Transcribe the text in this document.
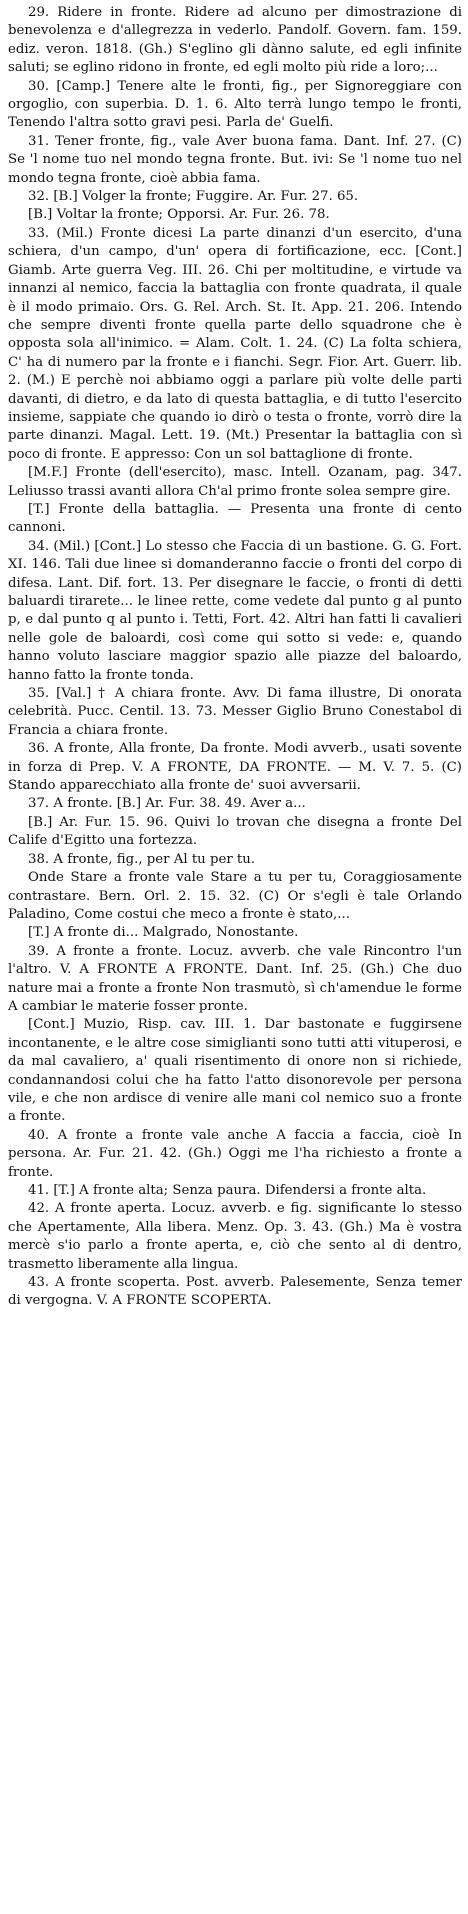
29. Ridere in fronte. Ridere ad alcuno per dimostrazione di benevolenza e d'allegrezza in vederlo. Pandolf. Govern. fam. 159. ediz. veron. 1818. (Gh.) S'eglino gli dànno salute, ed egli infinite saluti; se eglino ridono in fronte, ed egli molto più ride a loro;...

30. [Camp.] Tenere alte le fronti, fig., per Signoreggiare con orgoglio, con superbia. D. 1. 6. Alto terrà lungo tempo le fronti, Tenendo l'altra sotto gravi pesi. Parla de' Guelfi.

31. Tener fronte, fig., vale Aver buona fama. Dant. Inf. 27. (C) Se 'l nome tuo nel mondo tegna fronte. But. ivi: Se 'l nome tuo nel mondo tegna fronte, cioè abbia fama.

32. [B.] Volger la fronte; Fuggire. Ar. Fur. 27. 65.

[B.] Voltar la fronte; Opporsi. Ar. Fur. 26. 78.

33. (Mil.) Fronte dicesi La parte dinanzi d'un esercito, d'una schiera, d'un campo, d'un' opera di fortificazione, ecc. [Cont.] Giamb. Arte guerra Veg. III. 26. Chi per moltitudine, e virtude va innanzi al nemico, faccia la battaglia con fronte quadrata, il quale è il modo primaio. Ors. G. Rel. Arch. St. It. App. 21. 206. Intendo che sempre diventi fronte quella parte dello squadrone che è opposta sola all'inimico. = Alam. Colt. 1. 24. (C) La folta schiera, C' ha di numero par la fronte e i fianchi. Segr. Fior. Art. Guerr. lib. 2. (M.) E perchè noi abbiamo oggi a parlare più volte delle parti davanti, di dietro, e da lato di questa battaglia, e di tutto l'esercito insieme, sappiate che quando io dirò o testa o fronte, vorrò dire la parte dinanzi. Magal. Lett. 19. (Mt.) Presentar la battaglia con sì poco di fronte. E appresso: Con un sol battaglione di fronte.

[M.F.] Fronte (dell'esercito), masc. Intell. Ozanam, pag. 347. Leliusso trassi avanti allora Ch'al primo fronte solea sempre gire.

[T.] Fronte della battaglia. — Presenta una fronte di cento cannoni.

34. (Mil.) [Cont.] Lo stesso che Faccia di un bastione. G. G. Fort. XI. 146. Tali due linee si domanderanno faccie o fronti del corpo di difesa. Lant. Dif. fort. 13. Per disegnare le faccie, o fronti di detti baluardi tirarete... le linee rette, come vedete dal punto g al punto p, e dal punto q al punto i. Tetti, Fort. 42. Altri han fatti li cavalieri nelle gole de baloardi, così come qui sotto si vede: e, quando hanno voluto lasciare maggior spazio alle piazze del baloardo, hanno fatto la fronte tonda.

35. [Val.] † A chiara fronte. Avv. Di fama illustre, Di onorata celebrità. Pucc. Centil. 13. 73. Messer Giglio Bruno Conestabol di Francia a chiara fronte.

36. A fronte, Alla fronte, Da fronte. Modi avverb., usati sovente in forza di Prep. V. A FRONTE, DA FRONTE. — M. V. 7. 5. (C) Stando apparecchiato alla fronte de' suoi avversarii.

37. A fronte. [B.] Ar. Fur. 38. 49. Aver a...

[B.] Ar. Fur. 15. 96. Quivi lo trovan che disegna a fronte Del Calife d'Egitto una fortezza.

38. A fronte, fig., per Al tu per tu.

Onde Stare a fronte vale Stare a tu per tu, Coraggiosamente contrastare. Bern. Orl. 2. 15. 32. (C) Or s'egli è tale Orlando Paladino, Come costui che meco a fronte è stato,...

[T.] A fronte di... Malgrado, Nonostante.

39. A fronte a fronte. Locuz. avverb. che vale Rincontro l'un l'altro. V. A FRONTE A FRONTE. Dant. Inf. 25. (Gh.) Che duo nature mai a fronte a fronte Non trasmutò, sì ch'amendue le forme A cambiar le materie fosser pronte.

[Cont.] Muzio, Risp. cav. III. 1. Dar bastonate e fuggirsene incontanente, e le altre cose simiglianti sono tutti atti vituperosi, e da mal cavaliero, a' quali risentimento di onore non si richiede, condannandosi colui che ha fatto l'atto disonorevole per persona vile, e che non ardisce di venire alle mani col nemico suo a fronte a fronte.

40. A fronte a fronte vale anche A faccia a faccia, cioè In persona. Ar. Fur. 21. 42. (Gh.) Oggi me l'ha richiesto a fronte a fronte.

41. [T.] A fronte alta; Senza paura. Difendersi a fronte alta.

42. A fronte aperta. Locuz. avverb. e fig. significante lo stesso che Apertamente, Alla libera. Menz. Op. 3. 43. (Gh.) Ma è vostra mercè s'io parlo a fronte aperta, e, ciò che sento al di dentro, trasmetto liberamente alla lingua.

43. A fronte scoperta. Post. avverb. Palesemente, Senza temer di vergogna. V. A FRONTE SCOPERTA.
